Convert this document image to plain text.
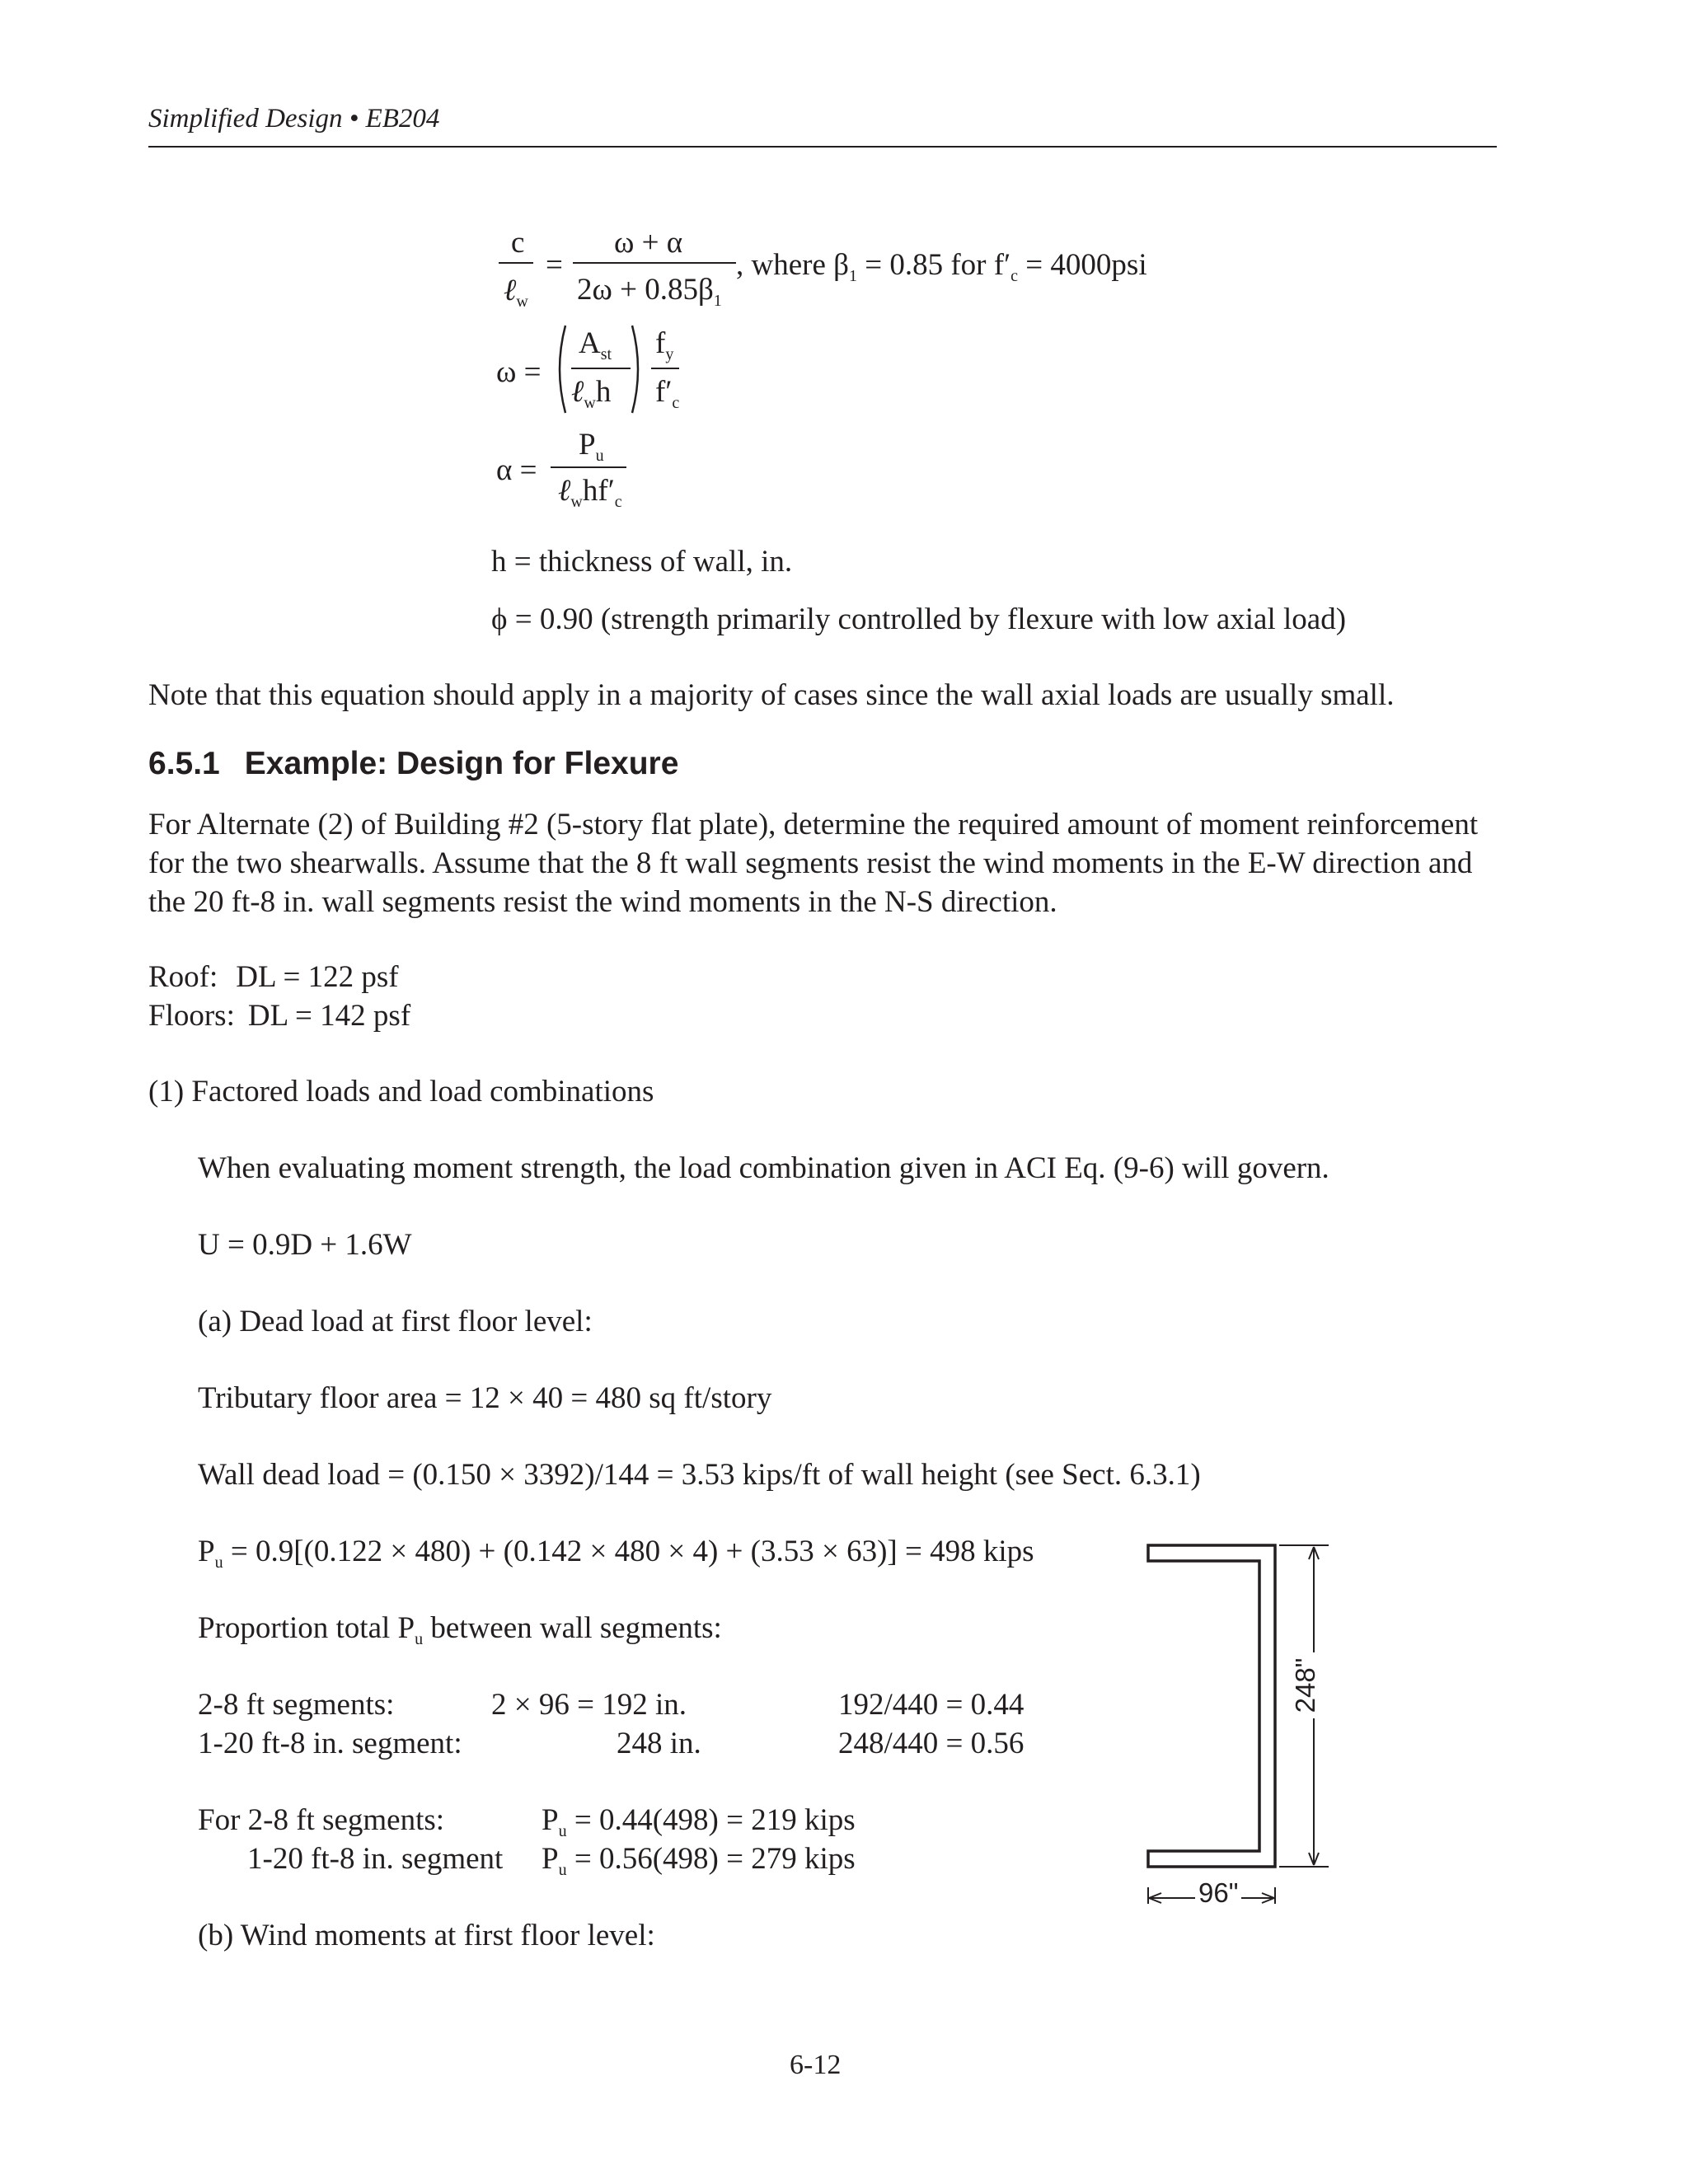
Simplified Design • EB204
c
ℓ$_w$
=
ω + α
$2\omega + 0.85\beta_1$
, where $\beta_1 = 0.85$ for $f'_c = 4000psi$
ω =
$A_{st}$
ℓ$_w$h
$f_y$
$f'_c$
α =
$P_u$
$\ell_whf'_c$
h = thickness of wall, in.
ϕ = 0.90 (strength primarily controlled by flexure with low axial load)
Note that this equation should apply in a majority of cases since the wall axial loads are usually small.
6.5.1 Example: Design for Flexure
For Alternate (2) of Building #2 (5-story flat plate), determine the required amount of moment reinforcement
for the two shearwalls. Assume that the 8 ft wall segments resist the wind moments in the E-W direction and
the 20 ft-8 in. wall segments resist the wind moments in the N-S direction.
Roof: DL = 122 psf
Floors: DL = 142 psf
(1) Factored loads and load combinations
When evaluating moment strength, the load combination given in ACI Eq. (9-6) will govern.
U = 0.9D + 1.6W
(a) Dead load at first floor level:
Tributary floor area = 12 × 40 = 480 sq ft/story
Wall dead load = (0.150 × 3392)/144 = 3.53 kips/ft of wall height (see Sect. 6.3.1)
$P_u = 0.9[(0.122 \times 480) + (0.142 \times 480 \times 4) + (3.53 \times 63)] = 498$ kips
Proportion total $P_u$ between wall segments:
2-8 ft segments:	2 × 96 = 192 in.	192/440 = 0.44
1-20 ft-8 in. segment:	248 in.	248/440 = 0.56
For 2-8 ft segments:	$P_u = 0.44(498) = 219$ kips
1-20 ft-8 in. segment $P_u = 0.56(498) = 279$ kips
(b) Wind moments at first floor level:
248"
96"
6-12
